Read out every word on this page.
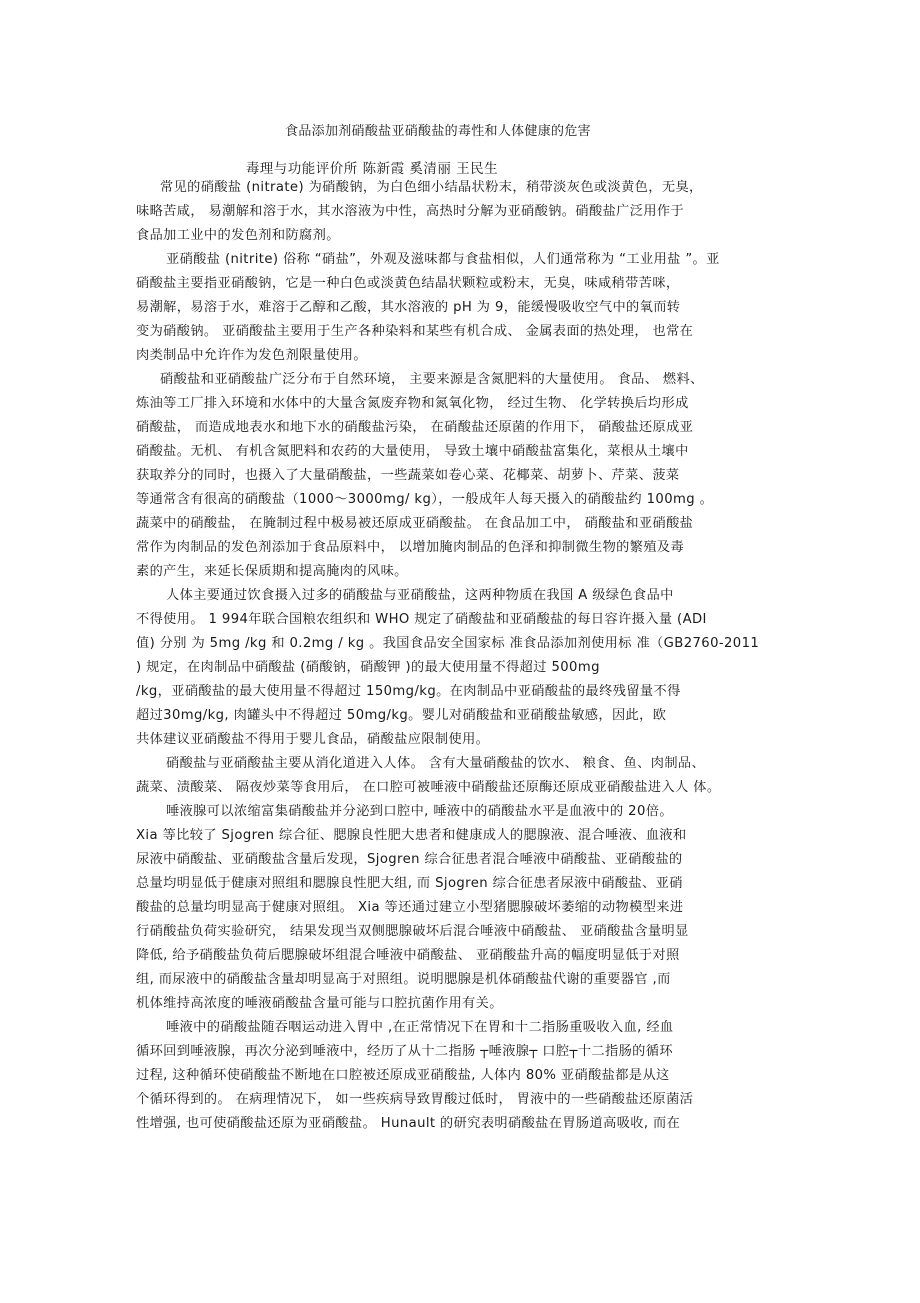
食品添加剂硝酸盐亚硝酸盐的毒性和人体健康的危害
毒理与功能评价所 陈新霞 奚清丽 王民生
常见的硝酸盐 (nitrate) 为硝酸钠，为白色细小结晶状粉末，稍带淡灰色或淡黄色，无臭，
味略苦咸， 易潮解和溶于水，其水溶液为中性，高热时分解为亚硝酸钠。硝酸盐广泛用作于
食品加工业中的发色剂和防腐剂。
亚硝酸盐 (nitrite) 俗称 “硝盐”，外观及滋味都与食盐相似，人们通常称为 “工业用盐 ”。亚
硝酸盐主要指亚硝酸钠，它是一种白色或淡黄色结晶状颗粒或粉末，无臭，味咸稍带苦咪，
易潮解，易溶于水，难溶于乙醇和乙酸，其水溶液的 pH 为 9，能缓慢吸收空气中的氧而转
变为硝酸钠。 亚硝酸盐主要用于生产各种染料和某些有机合成、 金属表面的热处理， 也常在
肉类制品中允许作为发色剂限量使用。
硝酸盐和亚硝酸盐广泛分布于自然环境， 主要来源是含氮肥料的大量使用。 食品、 燃料、
炼油等工厂排入环境和水体中的大量含氮废弃物和氮氧化物， 经过生物、 化学转换后均形成
硝酸盐， 而造成地表水和地下水的硝酸盐污染， 在硝酸盐还原菌的作用下， 硝酸盐还原成亚
硝酸盐。无机、 有机含氮肥料和农药的大量使用， 导致土壤中硝酸盐富集化，菜根从土壤中
获取养分的同时，也摄入了大量硝酸盐，一些蔬菜如卷心菜、花椰菜、胡萝卜、芹菜、菠菜
等通常含有很高的硝酸盐（1000～3000mg/ kg），一般成年人每天摄入的硝酸盐约 100mg 。
蔬菜中的硝酸盐， 在腌制过程中极易被还原成亚硝酸盐。 在食品加工中， 硝酸盐和亚硝酸盐
常作为肉制品的发色剂添加于食品原料中， 以增加腌肉制品的色泽和抑制微生物的繁殖及毒
素的产生，来延长保质期和提高腌肉的风味。
人体主要通过饮食摄入过多的硝酸盐与亚硝酸盐，这两种物质在我国 A 级绿色食品中
不得使用。 1 994年联合国粮农组织和 WHO 规定了硝酸盐和亚硝酸盐的每日容许摄入量 (ADI
值) 分别 为 5mg /kg 和 0.2mg / kg 。我国食品安全国家标 准食品添加剂使用标 准（GB2760-2011
) 规定，在肉制品中硝酸盐 (硝酸钠，硝酸钾 )的最大使用量不得超过 500mg
/kg，亚硝酸盐的最大使用量不得超过 150mg/kg。在肉制品中亚硝酸盐的最终残留量不得
超过30mg/kg, 肉罐头中不得超过 50mg/kg。婴儿对硝酸盐和亚硝酸盐敏感，因此，欧
共体建议亚硝酸盐不得用于婴儿食品，硝酸盐应限制使用。
硝酸盐与亚硝酸盐主要从消化道进入人体。 含有大量硝酸盐的饮水、 粮食、鱼、肉制品、
蔬菜、渍酸菜、 隔夜炒菜等食用后， 在口腔可被唾液中硝酸盐还原酶还原成亚硝酸盐进入人 体。
唾液腺可以浓缩富集硝酸盐并分泌到口腔中, 唾液中的硝酸盐水平是血液中的 20倍。
Xia 等比较了 Sjogren 综合征、腮腺良性肥大患者和健康成人的腮腺液、混合唾液、血液和
尿液中硝酸盐、亚硝酸盐含量后发现，Sjogren 综合征患者混合唾液中硝酸盐、亚硝酸盐的
总量均明显低于健康对照组和腮腺良性肥大组, 而 Sjogren 综合征患者尿液中硝酸盐、亚硝
酸盐的总量均明显高于健康对照组。 Xia 等还通过建立小型猪腮腺破坏萎缩的动物模型来进
行硝酸盐负荷实验研究， 结果发现当双侧腮腺破坏后混合唾液中硝酸盐、 亚硝酸盐含量明显
降低, 给予硝酸盐负荷后腮腺破坏组混合唾液中硝酸盐、 亚硝酸盐升高的幅度明显低于对照
组, 而尿液中的硝酸盐含量却明显高于对照组。说明腮腺是机体硝酸盐代谢的重要器官 ,而
机体维持高浓度的唾液硝酸盐含量可能与口腔抗菌作用有关。
唾液中的硝酸盐随吞咽运动进入胃中 ,在正常情况下在胃和十二指肠重吸收入血, 经血
循环回到唾液腺，再次分泌到唾液中，经历了从十二指肠 ┬唾液腺┬ 口腔┬十二指肠的循环
过程, 这种循环使硝酸盐不断地在口腔被还原成亚硝酸盐, 人体内 80% 亚硝酸盐都是从这
个循环得到的。 在病理情况下， 如一些疾病导致胃酸过低时， 胃液中的一些硝酸盐还原菌活
性增强, 也可使硝酸盐还原为亚硝酸盐。 Hunault 的研究表明硝酸盐在胃肠道高吸收, 而在
